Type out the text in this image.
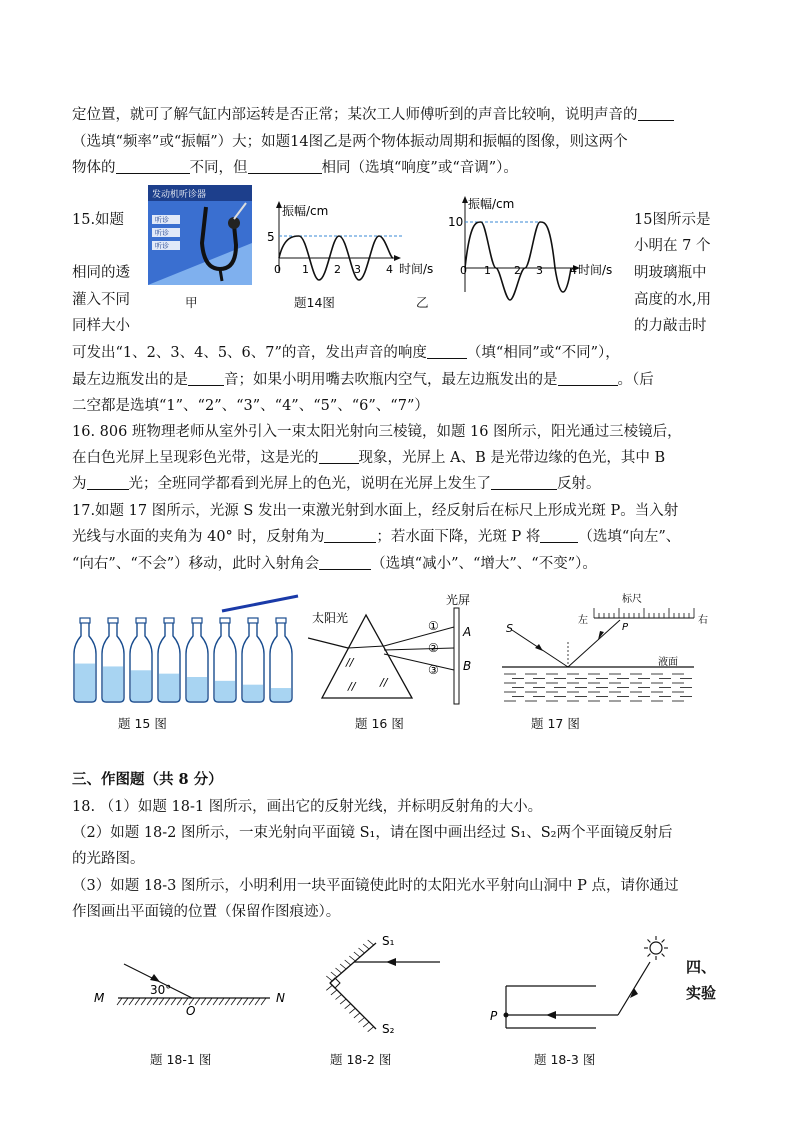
定位置，就可了解气缸内部运转是否正常；某次工人师傅听到的声音比较响，说明声音的
（选填“频率”或“振幅”）大；如题14图乙是两个物体振动周期和振幅的图像，则这两个
物体的	不同，但	相同（选填“响度”或“音调”）。
15.如题
相同的透
灌入不同
同样大小
15图所示是
小明在 7 个
明玻璃瓶中
高度的水,用
的力敲击时
发动机听诊器
听诊
听诊
听诊
甲
振幅/cm
时间/s
5
0 1 2 3 4
题14图	乙
振幅/cm
时间/s
10
0 1 2 3 4
可发出“1、2、3、4、5、6、7”的音，发出声音的响度	（填“相同”或“不同”），
最左边瓶发出的是 音；如果小明用嘴去吹瓶内空气，最左边瓶发出的是	。（后
二空都是选填“1”、“2”、“3”、“4”、“5”、“6”、“7”）
16. 806 班物理老师从室外引入一束太阳光射向三棱镜，如题 16 图所示，阳光通过三棱镜后，
在白色光屏上呈现彩色光带，这是光的	现象，光屏上 A、B 是光带边缘的色光，其中 B
为	光；全班同学都看到光屏上的色光，说明在光屏上发生了	反射。
17.如题 17 图所示，光源 S 发出一束激光射到水面上，经反射后在标尺上形成光斑 P。当入射
光线与水面的夹角为 40° 时，反射角为	；若水面下降，光斑 P 将	（选填“向左”、
“向右”、“不会”）移动，此时入射角会	（选填“减小”、“增大”、“不变”）。
题 15 图
太阳光
光屏
①
②
③
A
B
//
//
//
题 16 图
标尺
左	右
S	P
液面
题 17 图
三、作图题（共 8 分）
18. （1）如题 18-1 图所示，画出它的反射光线，并标明反射角的大小。
（2）如题 18-2 图所示，一束光射向平面镜 S₁，请在图中画出经过 S₁、S₂两个平面镜反射后
的光路图。
（3）如题 18-3 图所示，小明利用一块平面镜使此时的太阳光水平射向山洞中 P 点，请你通过
作图画出平面镜的位置（保留作图痕迹）。
30°
M	N
O
题 18-1 图
S₁
S₂
题 18-2 图
P
题 18-3 图
四、
实验
